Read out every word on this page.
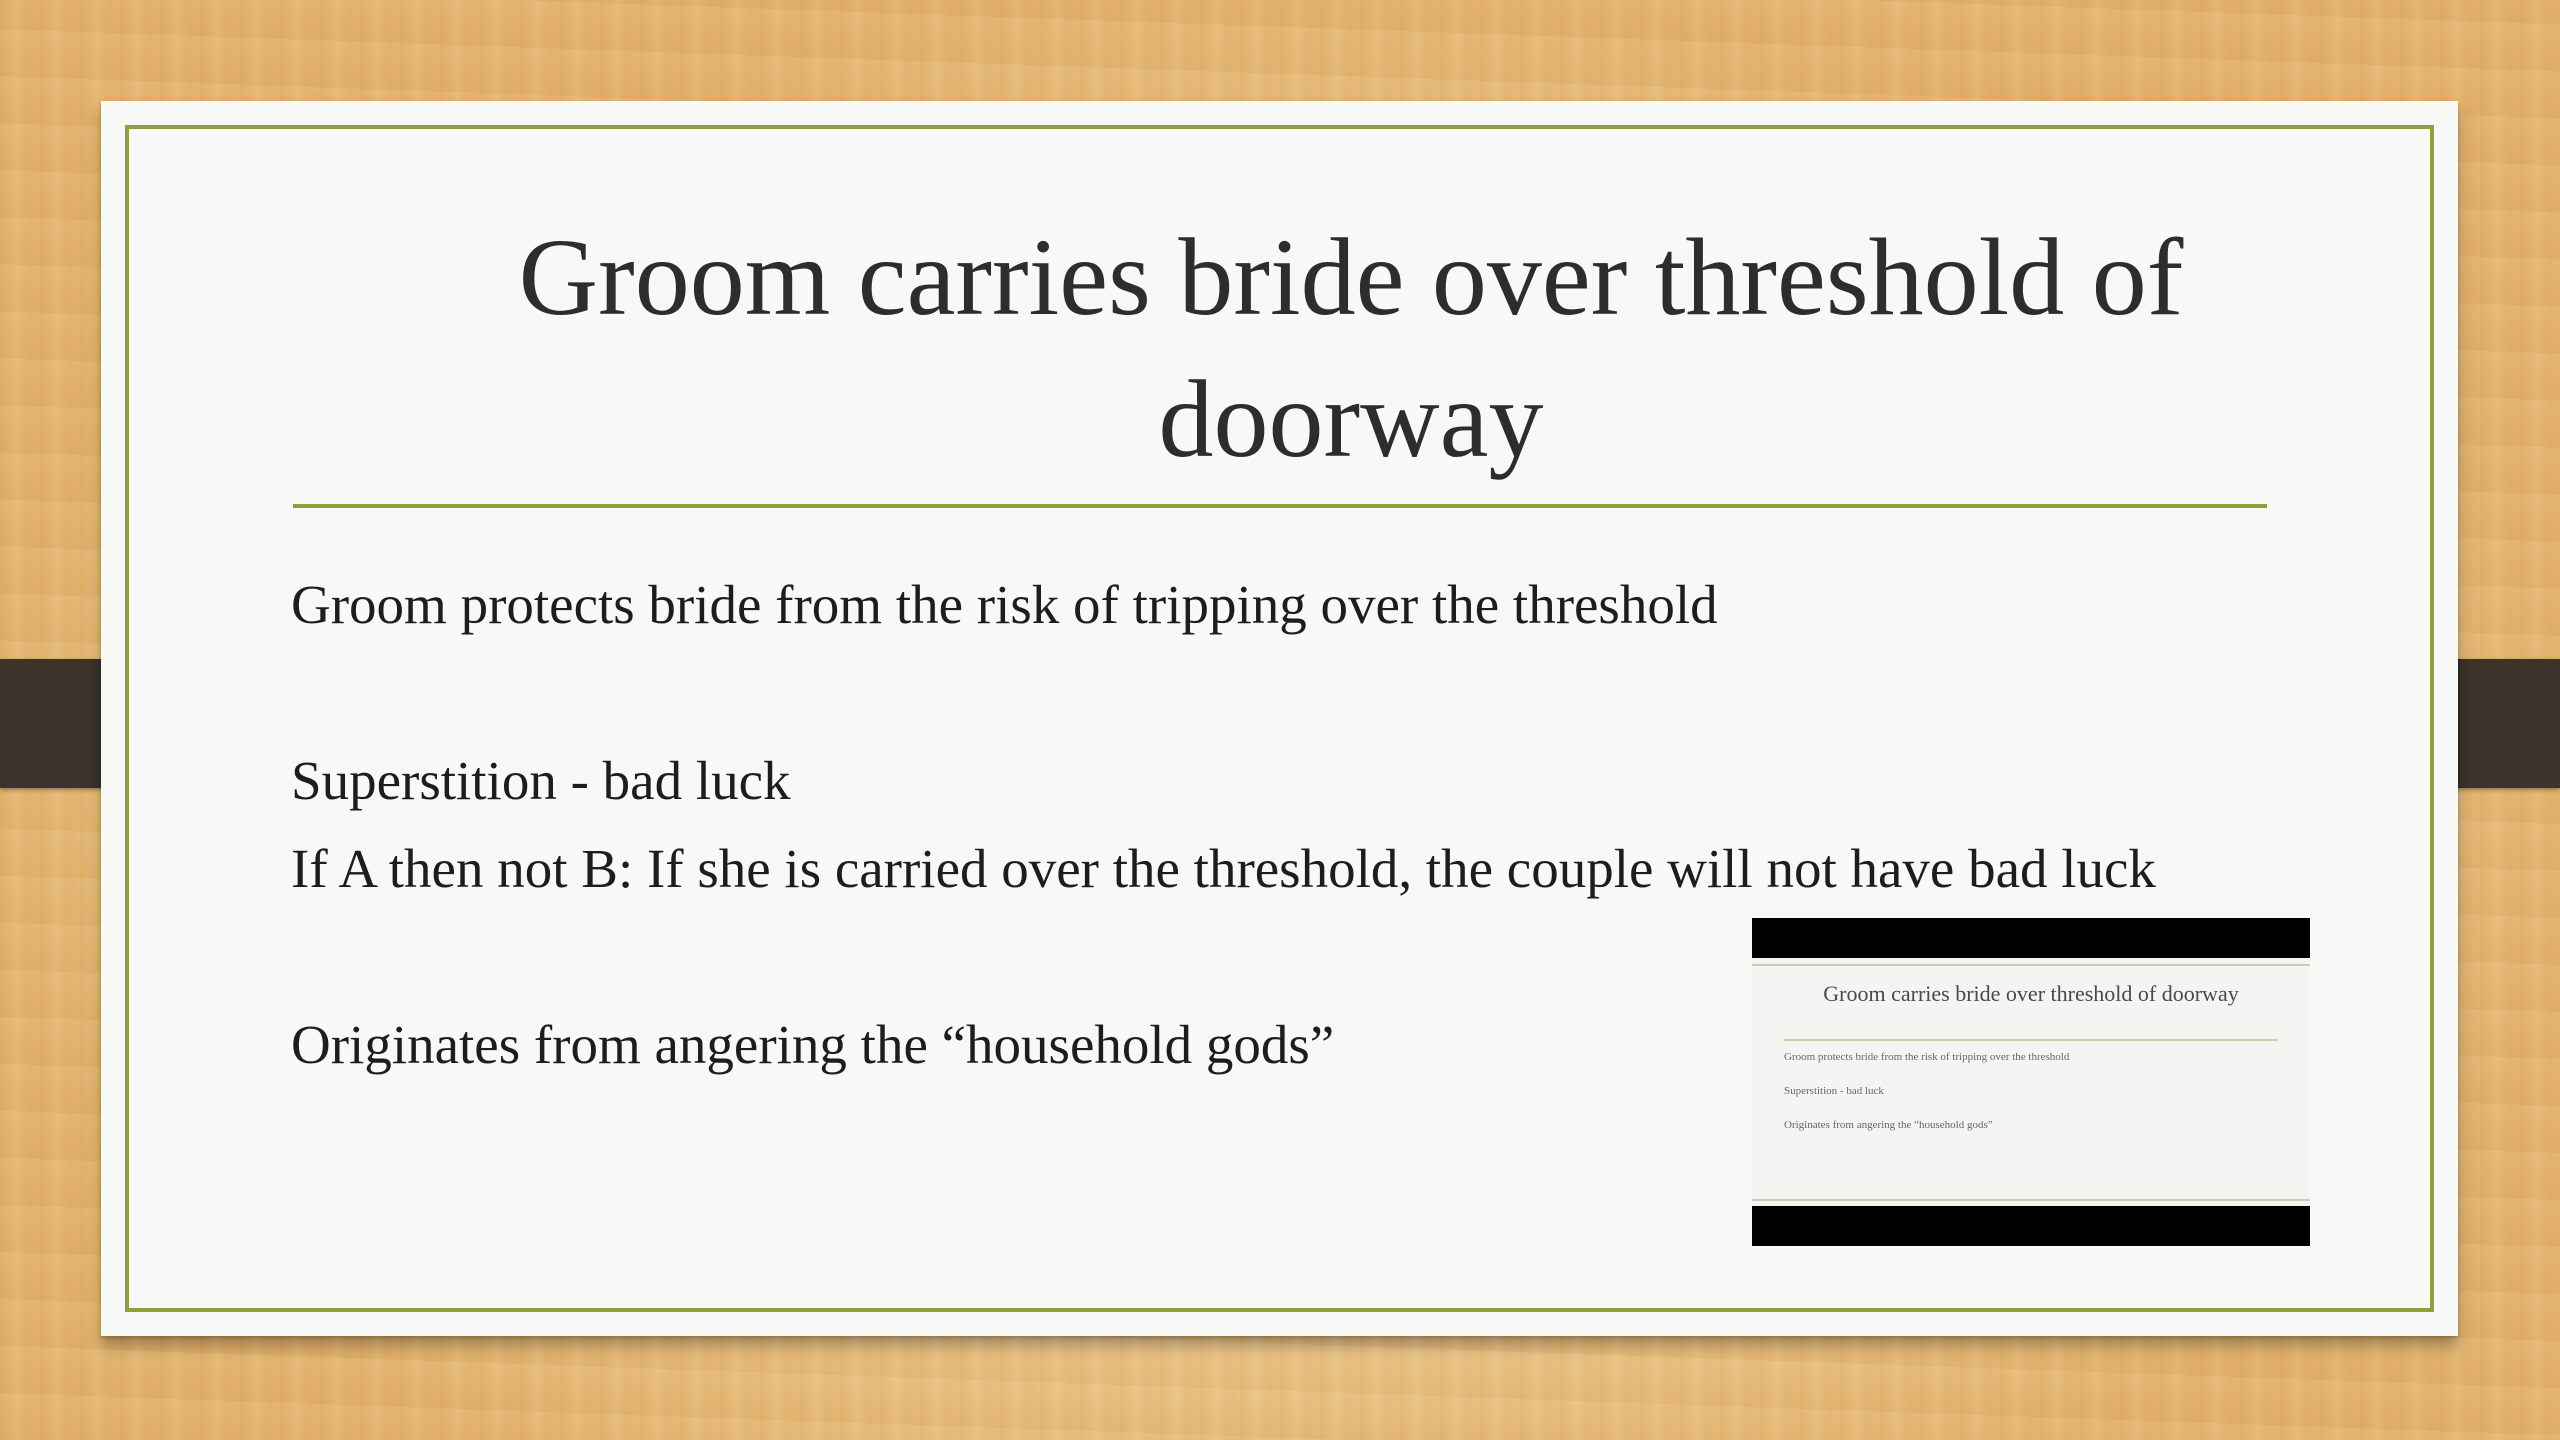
Groom carries bride over threshold of doorway

Groom protects bride from the risk of tripping over the threshold

Superstition - bad luck

If A then not B: If she is carried over the threshold, the couple will not have bad luck

Originates from angering the “household gods”

Groom carries bride over threshold of doorway

Groom protects bride from the risk of tripping over the threshold

Superstition - bad luck

Originates from angering the “household gods”
